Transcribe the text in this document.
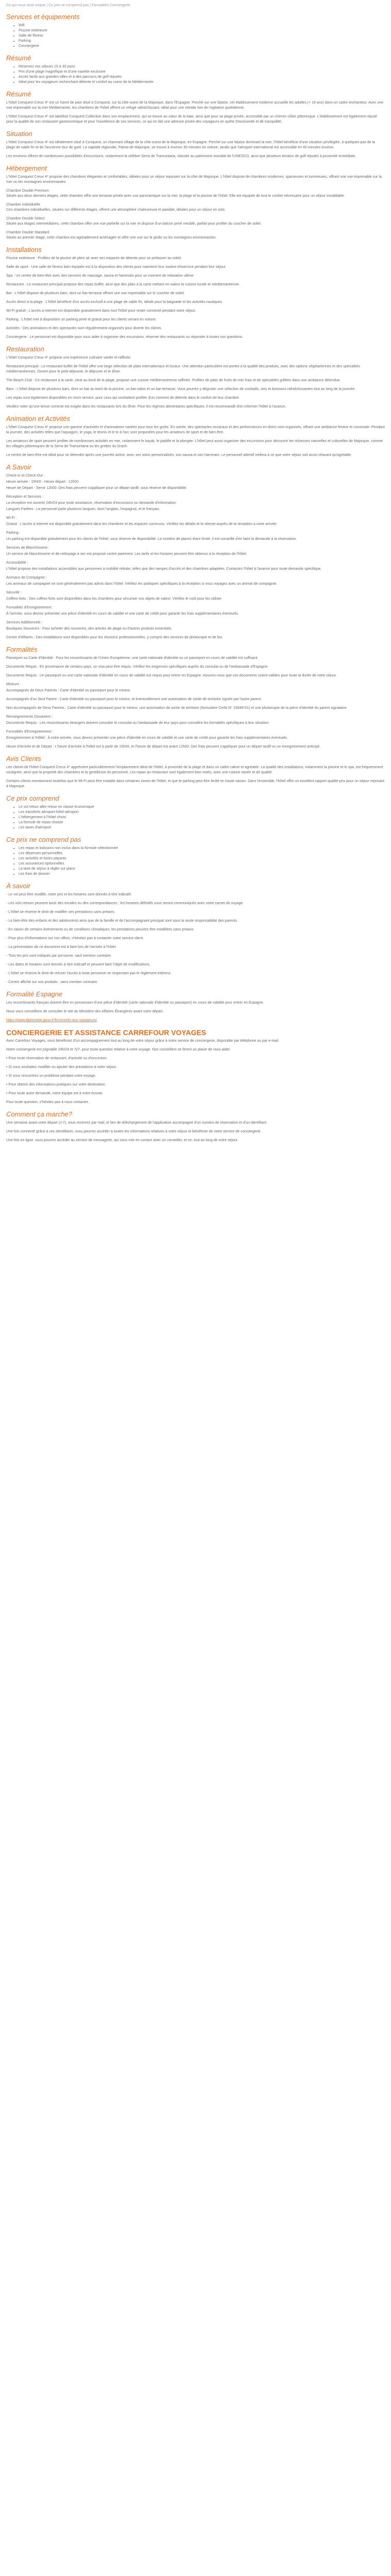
Ce qui nous rend unique | Ce prix ne comprend pas | Formalités Conciergerie
Services et équipements
• Wifi
• Piscine extérieure
• Salle de fitness
• Parking
• Conciergerie
Résumé
• Réservez vos séjours 15 à 30 jours
• Prix d'une plage magnifique et d'une navette exclusive
• Accès facile aux grandes villes et à des parcours de golf réputés
• Idéal pour les voyageurs recherchant détente et confort au coeur de la Méditerranée
Résumé

L'hôtel Conquest Creux 4* est un havre de paix situé à Conquest, sur la côte ouest de la Majorque, dans l'Espagne. Perché sur une falaise, cet établissement moderne accueille les adultes (+ 16 ans) dans un cadre enchanteur. Avec une vue imprenable sur la mer Méditerranée, les chambres de l'hôtel offrent un refuge rafraîchissant, idéal pour une retraite loin de l'agitation quotidienne.

L'hôtel Conquest Creux 4* est labellisé Conquest Collection dans son emplacement, qui se trouve au cœur de la baie, ainsi que pour sa plage privée, accessible par un chemin côtier pittoresque. L'établissement est également réputé pour la qualité de son restaurant gastronomique et pour l'excellence de ses services, ce qui en fait une adresse prisée des voyageurs en quête d'exclusivité et de tranquillité.

Situation

L'hôtel Conquest Creux 4* est idéalement situé à Conquest, un charmant village de la côte ouest de la Majorque, en Espagne. Perché sur une falaise dominant la mer, l'hôtel bénéficie d'une situation privilégiée, à quelques pas de la plage de sable fin et de l'ancienne tour de guet. La capitale régionale, Palma de Majorque, se trouve à environ 30 minutes en voiture, tandis que l'aéroport international est accessible en 40 minutes environ.

Les environs offrent de nombreuses possibilités d'excursions, notamment la célèbre Serra de Tramuntana, classée au patrimoine mondial de l'UNESCO, ainsi que plusieurs terrains de golf réputés à proximité immédiate.

Hébergement

L'hôtel Conquest Creux 4* propose des chambres élégantes et confortables, idéales pour un séjour reposant sur la côte de Majorque. L'hôtel dispose de chambres modernes, spacieuses et lumineuses, offrant une vue imprenable sur la mer ou les montagnes environnantes.

Chambre Double Premium

Située aux deux derniers étages, cette chambre offre une terrasse privée avec vue panoramique sur la mer, la plage et la piscine de l'hôtel. Elle est équipée de tout le confort nécessaire pour un séjour inoubliable.

Chambre Individuelle

Ces chambres individuelles, situées sur différents étages, offrent une atmosphère chaleureuse et paisible, idéales pour un séjour en solo.

Chambre Double Select

Située aux étages intermédiaires, cette chambre offre une vue partielle sur la mer et dispose d'un balcon privé meublé, parfait pour profiter du coucher de soleil.

Chambre Double Standard

Située au premier étage, cette chambre est agréablement aménagée et offre une vue sur le jardin ou les montagnes environnantes.

Installations

Piscine extérieure : Profitez de la piscine de plein air avec ses espaces de détente pour se prélasser au soleil.

Salle de sport : Une salle de fitness bien équipée est à la disposition des clients pour maintenir leur routine d'exercice pendant leur séjour.

Spa : Un centre de bien-être avec des services de massage, sauna et hammam pour un moment de relaxation ultime.

Restaurant : Le restaurant principal propose des repas buffet, ainsi que des plats à la carte mettant en valeur la cuisine locale et méditerranéenne.

Bar : L'hôtel dispose de plusieurs bars, dont un bar-terrasse offrant une vue imprenable sur le coucher de soleil.

Accès direct à la plage : L'hôtel bénéficie d'un accès exclusif à une plage de sable fin, idéale pour la baignade et les activités nautiques.

Wi-Fi gratuit : L'accès à internet est disponible gratuitement dans tout l'hôtel pour rester connecté pendant votre séjour.

Parking : L'hôtel met à disposition un parking privé et gratuit pour les clients venant en voiture.

Activités : Des animations et des spectacles sont régulièrement organisés pour divertir les clients.

Conciergerie : Le personnel est disponible pour vous aider à organiser des excursions, réserver des restaurants ou répondre à toutes vos questions.

Restauration

L'hôtel Conquest Creux 4* propose une expérience culinaire variée et raffinée.

Restaurant principal : Le restaurant buffet de l'hôtel offre une large sélection de plats internationaux et locaux. Une attention particulière est portée à la qualité des produits, avec des options végétariennes et des spécialités méditerranéennes. Ouvert pour le petit-déjeuner, le déjeuner et le dîner.

The Beach Club : Ce restaurant à la carte, situé au bord de la plage, propose une cuisine méditerranéenne raffinée. Profitez de plats de fruits de mer frais et de spécialités grillées dans une ambiance détendue.

Bars : L'hôtel dispose de plusieurs bars, dont un bar au bord de la piscine, un bar-salon et un bar-terrasse. Vous pourrez y déguster une sélection de cocktails, vins et boissons rafraîchissantes tout au long de la journée.

Les repas sont également disponibles en room service, pour ceux qui souhaitent profiter d'un moment de détente dans le confort de leur chambre.

Veuillez noter qu'une tenue correcte est exigée dans les restaurants lors du dîner. Pour les régimes alimentaires spécifiques, il est recommandé d'en informer l'hôtel à l'avance.

Animation et Activités

L'hôtel Conquest Creux 4* propose une gamme d'activités et d'animations variées pour tous les goûts. En soirée, des spectacles musicaux et des performances en direct sont organisés, offrant une ambiance festive et conviviale. Pendant la journée, des activités telles que l'aquagym, le yoga, le tennis et le tir à l'arc sont proposées pour les amateurs de sport et de bien-être.

Les amateurs de sport peuvent profiter de nombreuses activités en mer, notamment le kayak, le paddle et la plongée. L'hôtel peut aussi organiser des excursions pour découvrir les richesses naturelles et culturelles de Majorque, comme les villages pittoresques de la Serra de Tramuntana ou les grottes du Drach.

Le centre de bien-être est idéal pour se détendre après une journée active, avec ses soins personnalisés, son sauna et son hammam. Le personnel attentif veillera à ce que votre séjour soit aussi relaxant qu'agréable.

A Savoir

Check-in et Check-Out :

Heure arrivée : 15h00 - Heure départ : 12h00.

Heure de Départ - Servir 12h00. Des frais peuvent s'appliquer pour un départ tardif, sous réserve de disponibilité.

Réception et Services :

La réception est ouverte 24h/24 pour toute assistance, réservation d'excursions ou demande d'information.

Langues Parlées : Le personnel parle plusieurs langues, dont l'anglais, l'espagnol, et le français.

Wi-Fi :

Gratuit : L'accès à internet est disponible gratuitement dans les chambres et les espaces communs. Vérifiez les détails et la vitesse auprès de la réception à votre arrivée.

Parking :

Un parking est disponible gratuitement pour les clients de l'hôtel, sous réserve de disponibilité. Le nombre de places étant limité, il est conseillé d'en faire la demande à la réservation.

Services de Blanchisserie :

Un service de blanchisserie et de nettoyage à sec est proposé contre paiement. Les tarifs et les horaires peuvent être obtenus à la réception de l'hôtel.

Accessibilité :

L'hôtel propose des installations accessibles aux personnes à mobilité réduite, telles que des rampes d'accès et des chambres adaptées. Contactez l'hôtel à l'avance pour toute demande spécifique.

Animaux de Compagnie :

Les animaux de compagnie ne sont généralement pas admis dans l'hôtel. Vérifiez les politiques spécifiques à la réception si vous voyagez avec un animal de compagnie.

Sécurité :

Coffres-forts : Des coffres-forts sont disponibles dans les chambres pour sécuriser vos objets de valeur. Vérifiez le coût pour les utiliser.

Formalités d'Enregistrement :

À l'arrivée, vous devrez présenter une pièce d'identité en cours de validité et une carte de crédit pour garantir les frais supplémentaires éventuels.

Services Additionnels :

Boutiques Souvenirs : Pour acheter des souvenirs, des articles de plage ou d'autres produits essentiels.

Centre d'Affaires : Des installations sont disponibles pour les réunions professionnelles, y compris des services de photocopie et de fax.

Formalités

Passeport ou Carte d'Identité : Pour les ressortissants de l'Union Européenne, une carte nationale d'identité ou un passeport en cours de validité est suffisant.

Documents Requis : En provenance de certains pays, un visa peut être requis. Vérifiez les exigences spécifiques auprès du consulat ou de l'ambassade d'Espagne.

Documents Requis : Un passeport ou une carte nationale d'identité en cours de validité est requis pour entrer en Espagne. Assurez-vous que vos documents soient valides pour toute la durée de votre séjour.

Mineurs :

Accompagnés de Deux Parents : Carte d'identité ou passeport pour le mineur.

Accompagnés d'un Seul Parent : Carte d'identité ou passeport pour le mineur, et éventuellement une autorisation de sortie de territoire signée par l'autre parent.

Non Accompagnés de Deux Parents : Carte d'identité ou passeport pour le mineur, une autorisation de sortie de territoire (formulaire Cerfa N° 15646*01) et une photocopie de la pièce d'identité du parent signataire.

Renseignements Douaniers :

Documents Requis : Les ressortissants étrangers doivent consulter le consulat ou l'ambassade de leur pays pour connaître les formalités spécifiques à leur situation.

Formalités d'Enregistrement :

Enregistrement à l'Hôtel : À votre arrivée, vous devrez présenter une pièce d'identité en cours de validité et une carte de crédit pour garantir les frais supplémentaires éventuels.

Heure d'Arrivée et de Départ : L'heure d'arrivée à l'hôtel est à partir de 15h00, et l'heure de départ est avant 12h00. Des frais peuvent s'appliquer pour un départ tardif ou un enregistrement anticipé.

Avis Clients

Les clients de l'hôtel Conquest Creux 4* apprécient particulièrement l'emplacement idéal de l'hôtel, à proximité de la plage et dans un cadre calme et agréable. La qualité des installations, notamment la piscine et le spa, est fréquemment soulignée, ainsi que la propreté des chambres et la gentillesse du personnel. Les repas au restaurant sont également bien notés, avec une cuisine variée et de qualité.

Certains clients mentionnent toutefois que le Wi-Fi peut être instable dans certaines zones de l'hôtel, et que le parking peut être limité en haute saison. Dans l'ensemble, l'hôtel offre un excellent rapport qualité-prix pour un séjour reposant à Majorque.

Ce prix comprend
• Le vol retour aller-retour en classe économique
• Les transferts aéroport-hôtel-aéroport
• L'hébergement à l'hôtel choisi
• La formule de repas choisie
• Les taxes d'aéroport
Ce prix ne comprend pas
• Les repas et boissons non inclus dans la formule sélectionnée
• Les dépenses personnelles
• Les activités et loisirs payants
• Les assurances optionnelles
• La taxe de séjour à régler sur place
• Les frais de dossier
À savoir

- Le vol peut être modifié, notre prix et les horaires sont donnés à titre indicatif.

- Les vols retours peuvent avoir des escales ou des correspondances ; les horaires définitifs vous seront communiqués avec votre carnet de voyage.

- L'hôtel se réserve le droit de modifier ses prestations sans préavis.

- Le bien-être des enfants et des adolescents ainsi que de la famille et de l'accompagnant principal sont sous la seule responsabilité des parents.

- En raison de certains évènements ou de conditions climatiques, les prestations peuvent être modifiées sans préavis.

- Pour plus d'informations sur nos offres, n'hésitez pas à contacter notre service client.

- La présentation de ce document est à faire lors de l'arrivée à l'hôtel.

- Tous les prix sont indiqués par personne, sauf mention contraire.

- Les dates et horaires sont donnés à titre indicatif et peuvent faire l'objet de modifications.

- L'hôtel se réserve le droit de refuser l'accès à toute personne ne respectant pas le règlement intérieur.

- Centre affiché sur nos produits : sans mention contraire

Formalité Espagne

Les ressortissants français doivent être en possession d'une pièce d'identité (carte nationale d'identité ou passeport) en cours de validité pour entrer en Espagne.

Nous vous conseillons de consulter le site du Ministère des Affaires Étrangères avant votre départ.

https://www.diplomatie.gouv.fr/fr/conseils-aux-voyageurs/

CONCIERGERIE ET ASSISTANCE CARREFOUR VOYAGES

Avec Carrefour Voyages, vous bénéficiez d'un accompagnement tout au long de votre séjour grâce à notre service de conciergerie, disponible par téléphone ou par e-mail.

Notre conciergerie est joignable 24h/24 et 7j/7, pour toute question relative à votre voyage. Nos conseillers se feront un plaisir de vous aider.

• Pour toute réservation de restaurant, d'activité ou d'excursion.

• Si vous souhaitez modifier ou ajouter des prestations à votre séjour.

• Si vous rencontrez un problème pendant votre voyage.

• Pour obtenir des informations pratiques sur votre destination.

• Pour toute autre demande, notre équipe est à votre écoute.

Pour toute question, n'hésitez pas à nous contacter.

Comment ça marche?

Une semaine avant votre départ (J-7), vous recevrez par mail, le lien de téléchargement de l'application accompagné d'un numéro de réservation et d'un identifiant.

Une fois connecté grâce à ces identifiants, vous pourrez accéder à toutes les informations relatives à votre séjour et bénéficier de notre service de conciergerie.

Une fois en ligne, vous pourrez accéder au service de messagerie, qui vous met en contact avec un conseiller, et ce, tout au long de votre séjour.
